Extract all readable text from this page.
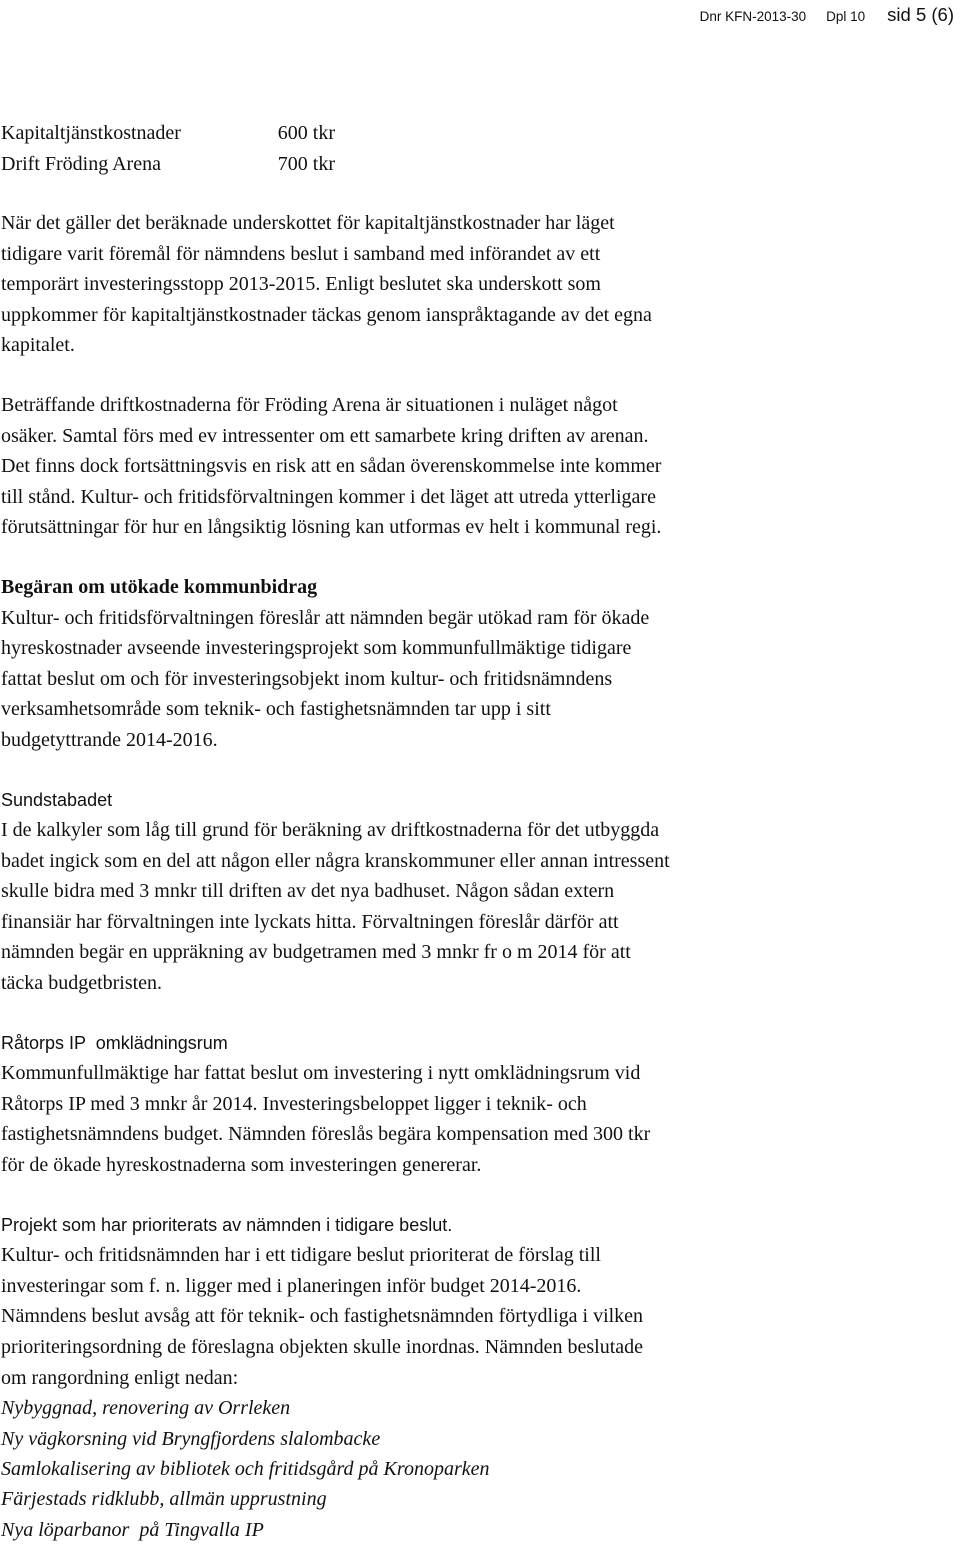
Dnr KFN-2013-30 Dpl 10 sid 5 (6)
Kapitaltjänstkostnader	600 tkr
Drift Fröding Arena	700 tkr
När det gäller det beräknade underskottet för kapitaltjänstkostnader har läget
tidigare varit föremål för nämndens beslut i samband med införandet av ett
temporärt investeringsstopp 2013-2015. Enligt beslutet ska underskott som
uppkommer för kapitaltjänstkostnader täckas genom ianspråktagande av det egna
kapitalet.
Beträffande driftkostnaderna för Fröding Arena är situationen i nuläget något
osäker. Samtal förs med ev intressenter om ett samarbete kring driften av arenan.
Det finns dock fortsättningsvis en risk att en sådan överenskommelse inte kommer
till stånd. Kultur- och fritidsförvaltningen kommer i det läget att utreda ytterligare
förutsättningar för hur en långsiktig lösning kan utformas ev helt i kommunal regi.
Begäran om utökade kommunbidrag
Kultur- och fritidsförvaltningen föreslår att nämnden begär utökad ram för ökade
hyreskostnader avseende investeringsprojekt som kommunfullmäktige tidigare
fattat beslut om och för investeringsobjekt inom kultur- och fritidsnämndens
verksamhetsområde som teknik- och fastighetsnämnden tar upp i sitt
budgetyttrande 2014-2016.
Sundstabadet
I de kalkyler som låg till grund för beräkning av driftkostnaderna för det utbyggda
badet ingick som en del att någon eller några kranskommuner eller annan intressent
skulle bidra med 3 mnkr till driften av det nya badhuset. Någon sådan extern
finansiär har förvaltningen inte lyckats hitta. Förvaltningen föreslår därför att
nämnden begär en uppräkning av budgetramen med 3 mnkr fr o m 2014 för att
täcka budgetbristen.
Råtorps IP  omklädningsrum
Kommunfullmäktige har fattat beslut om investering i nytt omklädningsrum vid
Råtorps IP med 3 mnkr år 2014. Investeringsbeloppet ligger i teknik- och
fastighetsnämndens budget. Nämnden föreslås begära kompensation med 300 tkr
för de ökade hyreskostnaderna som investeringen genererar.
Projekt som har prioriterats av nämnden i tidigare beslut.
Kultur- och fritidsnämnden har i ett tidigare beslut prioriterat de förslag till
investeringar som f. n. ligger med i planeringen inför budget 2014-2016.
Nämndens beslut avsåg att för teknik- och fastighetsnämnden förtydliga i vilken
prioriteringsordning de föreslagna objekten skulle inordnas. Nämnden beslutade
om rangordning enligt nedan:
Nybyggnad, renovering av Orrleken
Ny vägkorsning vid Bryngfjordens slalombacke
Samlokalisering av bibliotek och fritidsgård på Kronoparken
Färjestads ridklubb, allmän upprustning
Nya löparbanor  på Tingvalla IP
